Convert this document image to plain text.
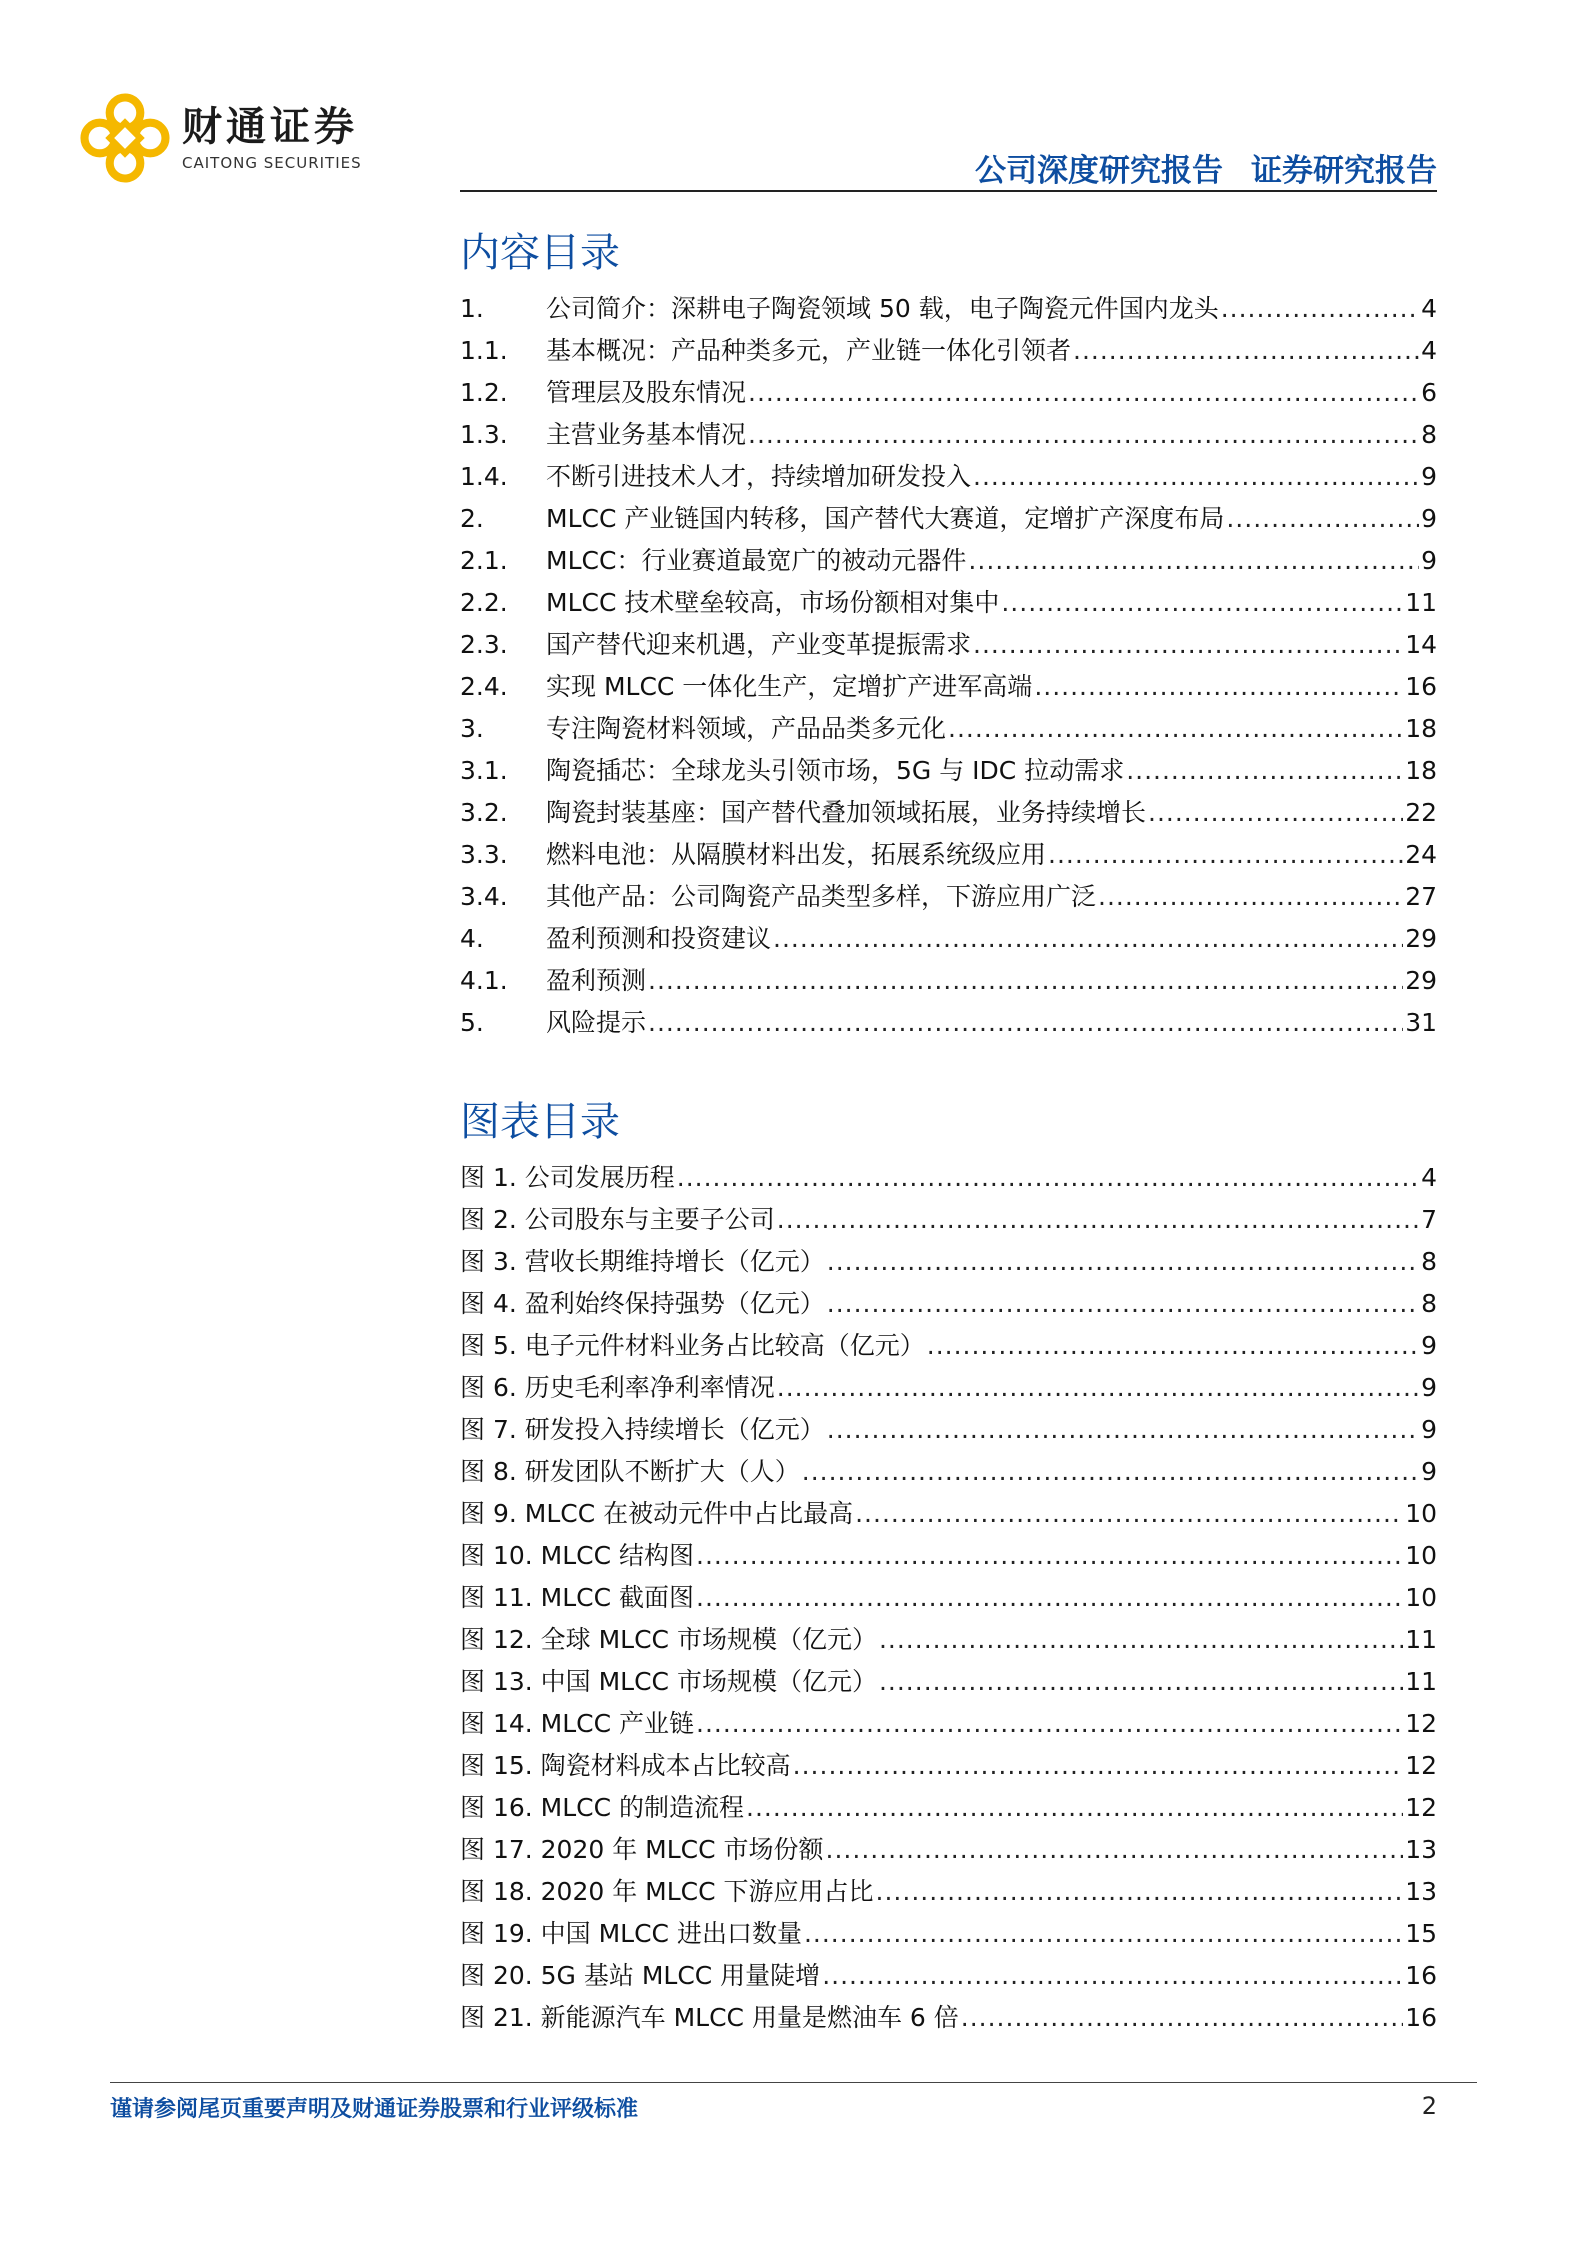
财通证券
CAITONG SECURITIES	公司深度研究报告 证券研究报告
内容目录
1.	公司简介：深耕电子陶瓷领域 50 载，电子陶瓷元件国内龙头 .....	4
1.1.	基本概况：产品种类多元，产业链一体化引领者 .....	4
1.2.	管理层及股东情况 .....	6
1.3.	主营业务基本情况 .....	8
1.4.	不断引进技术人才，持续增加研发投入 .....	9
2.	MLCC 产业链国内转移，国产替代大赛道，定增扩产深度布局 .....	9
2.1.	MLCC：行业赛道最宽广的被动元器件 .....	9
2.2.	MLCC 技术壁垒较高，市场份额相对集中 .....	11
2.3.	国产替代迎来机遇，产业变革提振需求 .....	14
2.4.	实现 MLCC 一体化生产，定增扩产进军高端 .....	16
3.	专注陶瓷材料领域，产品品类多元化 .....	18
3.1.	陶瓷插芯：全球龙头引领市场，5G 与 IDC 拉动需求 .....	18
3.2.	陶瓷封装基座：国产替代叠加领域拓展，业务持续增长 .....	22
3.3.	燃料电池：从隔膜材料出发，拓展系统级应用 .....	24
3.4.	其他产品：公司陶瓷产品类型多样，下游应用广泛 .....	27
4.	盈利预测和投资建议 .....	29
4.1.	盈利预测 .....	29
5.	风险提示 .....	31
图表目录
图 1. 公司发展历程 .....	4
图 2. 公司股东与主要子公司 .....	7
图 3. 营收长期维持增长（亿元） .....	8
图 4. 盈利始终保持强势（亿元） .....	8
图 5. 电子元件材料业务占比较高（亿元） .....	9
图 6. 历史毛利率净利率情况 .....	9
图 7. 研发投入持续增长（亿元） .....	9
图 8. 研发团队不断扩大（人） .....	9
图 9. MLCC 在被动元件中占比最高 .....	10
图 10. MLCC 结构图 .....	10
图 11. MLCC 截面图 .....	10
图 12. 全球 MLCC 市场规模（亿元） .....	11
图 13. 中国 MLCC 市场规模（亿元） .....	11
图 14. MLCC 产业链 .....	12
图 15. 陶瓷材料成本占比较高 .....	12
图 16. MLCC 的制造流程 .....	12
图 17. 2020 年 MLCC 市场份额 .....	13
图 18. 2020 年 MLCC 下游应用占比 .....	13
图 19. 中国 MLCC 进出口数量 .....	15
图 20. 5G 基站 MLCC 用量陡增 .....	16
图 21. 新能源汽车 MLCC 用量是燃油车 6 倍 .....	16
谨请参阅尾页重要声明及财通证券股票和行业评级标准	2
